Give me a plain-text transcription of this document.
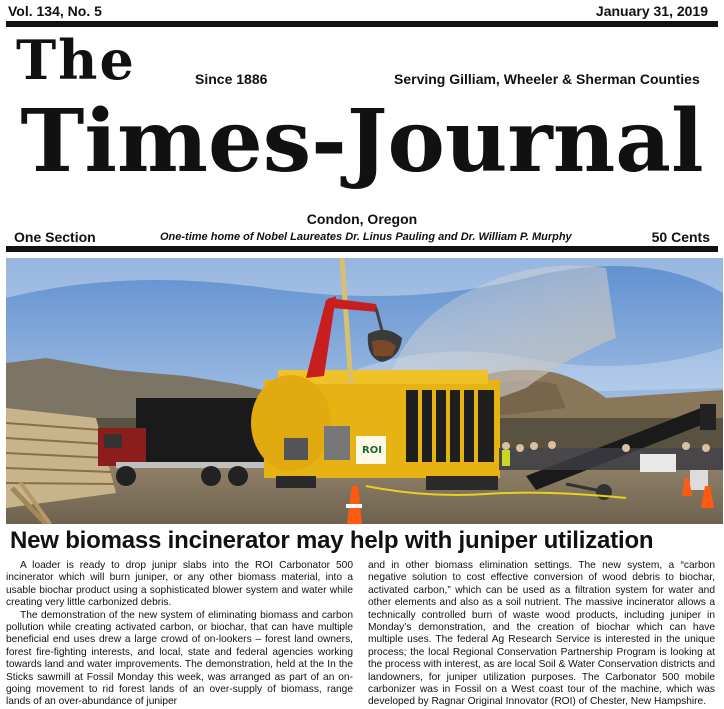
Vol. 134, No. 5	January 31, 2019
The	Since 1886	Serving Gilliam, Wheeler & Sherman Counties
Times-Journal
Condon, Oregon
One Section	One-time home of Nobel Laureates Dr. Linus Pauling and Dr. William P. Murphy	50 Cents
ROI
New biomass incinerator may help with juniper utilization

A loader is ready to drop junipr slabs into the ROI Carbonator 500 incinerator which will burn juniper, or any other biomass material, into a usable biochar product using a sophisticated blower system and water while creating very little carbonized debris.

The demonstration of the new system of eliminating biomass and carbon pollution while creating activated carbon, or biochar, that can have multiple beneficial end uses drew a large crowd of on-lookers – forest land owners, forest fire-fighting interests, and local, state and federal agencies working towards land and water improvements. The demonstration, held at the In the Sticks sawmill at Fossil Monday this week, was arranged as part of an on-going movement to rid forest lands of an over-supply of biomass, range lands of an over-abundance of juniper

and in other biomass elimination settings. The new system, a “carbon negative solution to cost effective conversion of wood debris to biochar, activated carbon,” which can be used as a filtration system for water and other elements and also as a soil nutrient. The massive incinerator allows a technically controlled burn of waste wood products, including juniper in Monday’s demonstration, and the creation of biochar which can have multiple uses. The federal Ag Research Service is interested in the unique process; the local Regional Conservation Partnership Program is looking at the process with interest, as are local Soil & Water Conservation districts and landowners, for juniper utilization purposes. The Carbonator 500 mobile carbonizer was in Fossil on a West coast tour of the machine, which was developed by Ragnar Original Innovator (ROI) of Chester, New Hampshire.
